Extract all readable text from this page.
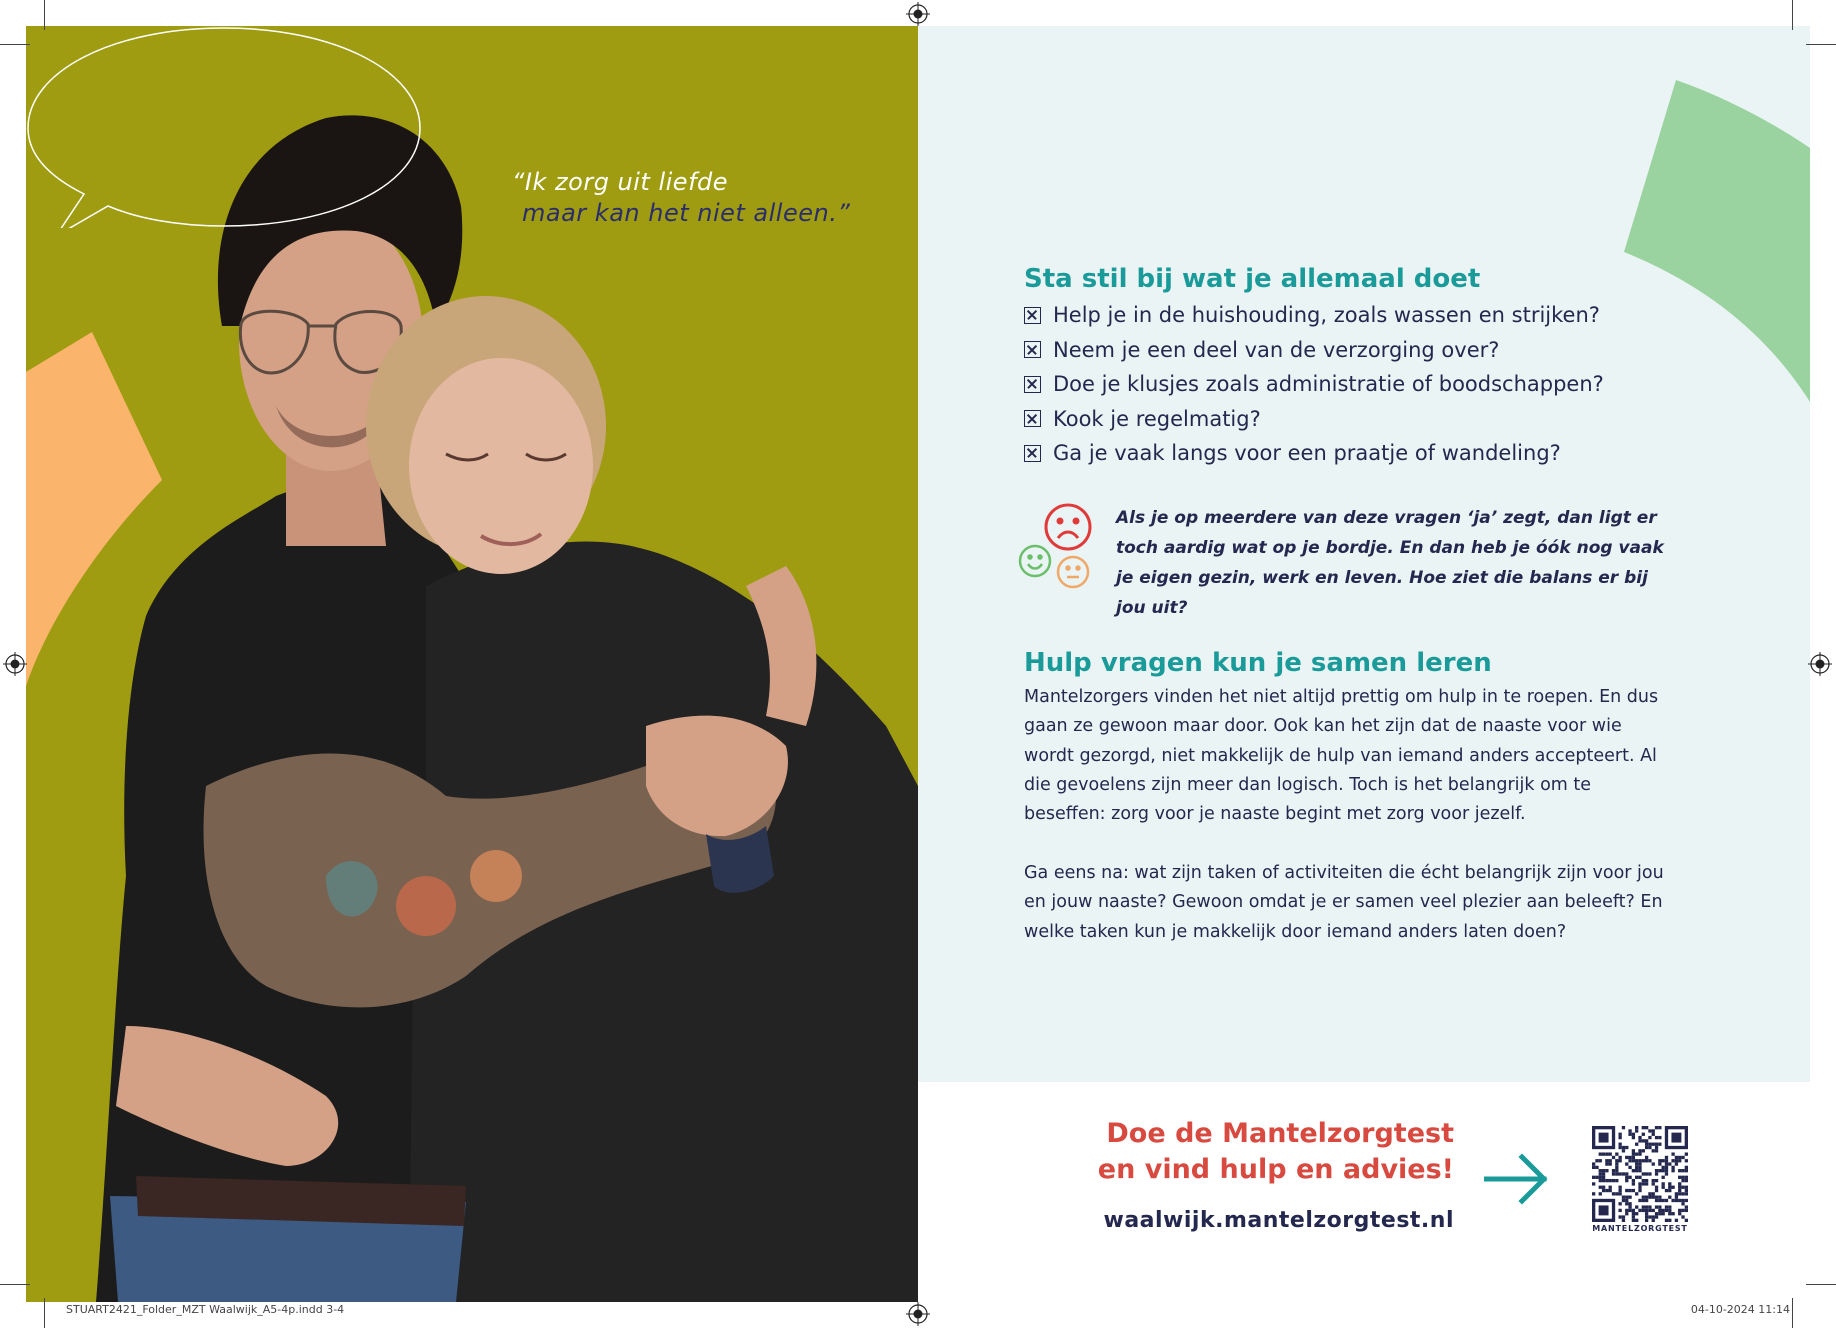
“Ik zorg uit liefde
maar kan het niet alleen.”
Sta stil bij wat je allemaal doet
Help je in de huishouding, zoals wassen en strijken?
Neem je een deel van de verzorging over?
Doe je klusjes zoals administratie of boodschappen?
Kook je regelmatig?
Ga je vaak langs voor een praatje of wandeling?
Als je op meerdere van deze vragen ‘ja’ zegt, dan ligt er toch aardig wat op je bordje. En dan heb je óók nog vaak je eigen gezin, werk en leven. Hoe ziet die balans er bij jou uit?
Hulp vragen kun je samen leren

Mantelzorgers vinden het niet altijd prettig om hulp in te roepen. En dus gaan ze gewoon maar door. Ook kan het zijn dat de naaste voor wie wordt gezorgd, niet makkelijk de hulp van iemand anders accepteert. Al die gevoelens zijn meer dan logisch. Toch is het belangrijk om te beseffen: zorg voor je naaste begint met zorg voor jezelf.

Ga eens na: wat zijn taken of activiteiten die écht belangrijk zijn voor jou en jouw naaste? Gewoon omdat je er samen veel plezier aan beleeft? En welke taken kun je makkelijk door iemand anders laten doen?

Doe de Mantelzorgtest
en vind hulp en advies!
waalwijk.mantelzorgtest.nl	MANTELZORGTEST
STUART2421_Folder_MZT Waalwijk_A5-4p.indd 3-4	04-10-2024 11:14
